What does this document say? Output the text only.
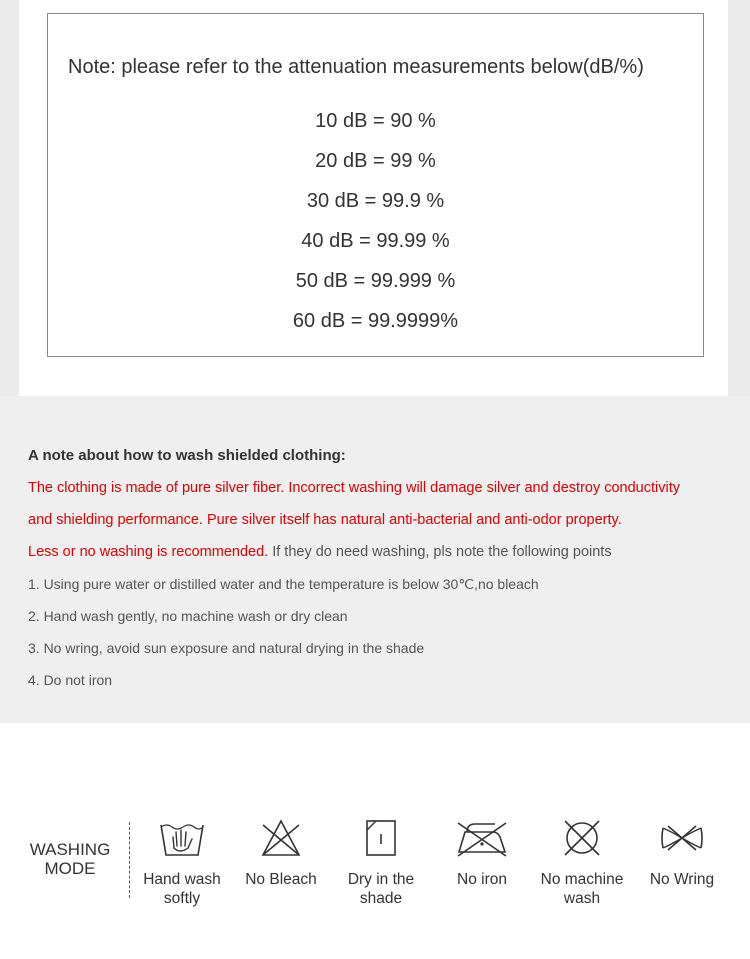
Note: please refer to the attenuation measurements below(dB/%)
10 dB = 90 %
20 dB = 99 %
30 dB = 99.9 %
40 dB = 99.99 %
50 dB = 99.999 %
60 dB = 99.9999%
A note about how to wash shielded clothing:
The clothing is made of pure silver fiber. Incorrect washing will damage silver and destroy conductivity
and shielding performance. Pure silver itself has natural anti-bacterial and anti-odor property.
Less or no washing is recommended. If they do need washing, pls note the following points
1. Using pure water or distilled water and the temperature is below 30℃,no bleach
2. Hand wash gently, no machine wash or dry clean
3. No wring, avoid sun exposure and natural drying in the shade
4. Do not iron
WASHING
MODE
Hand wash
softly
No Bleach	Dry in the
shade
No iron	No machine
wash
No Wring
